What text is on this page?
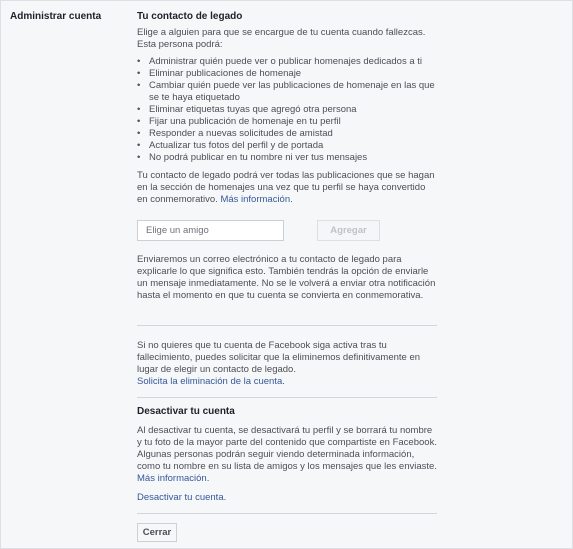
Administrar cuenta	Tu contacto de legado
Elige a alguien para que se encargue de tu cuenta cuando fallezcas. Esta persona podrá:
• Administrar quién puede ver o publicar homenajes dedicados a ti
• Eliminar publicaciones de homenaje
• Cambiar quién puede ver las publicaciones de homenaje en las que se te haya etiquetado
• Eliminar etiquetas tuyas que agregó otra persona
• Fijar una publicación de homenaje en tu perfil
• Responder a nuevas solicitudes de amistad
• Actualizar tus fotos del perfil y de portada
• No podrá publicar en tu nombre ni ver tus mensajes
Tu contacto de legado podrá ver todas las publicaciones que se hagan en la sección de homenajes una vez que tu perfil se haya convertido en conmemorativo. Más información.
Elige un amigo
Agregar
Enviaremos un correo electrónico a tu contacto de legado para explicarle lo que significa esto. También tendrás la opción de enviarle un mensaje inmediatamente. No se le volverá a enviar otra notificación hasta el momento en que tu cuenta se convierta en conmemorativa.
Si no quieres que tu cuenta de Facebook siga activa tras tu fallecimiento, puedes solicitar que la eliminemos definitivamente en lugar de elegir un contacto de legado.
Solicita la eliminación de la cuenta.
Desactivar tu cuenta
Al desactivar tu cuenta, se desactivará tu perfil y se borrará tu nombre y tu foto de la mayor parte del contenido que compartiste en Facebook. Algunas personas podrán seguir viendo determinada información, como tu nombre en su lista de amigos y los mensajes que les enviaste. Más información.
Desactivar tu cuenta.
Cerrar
